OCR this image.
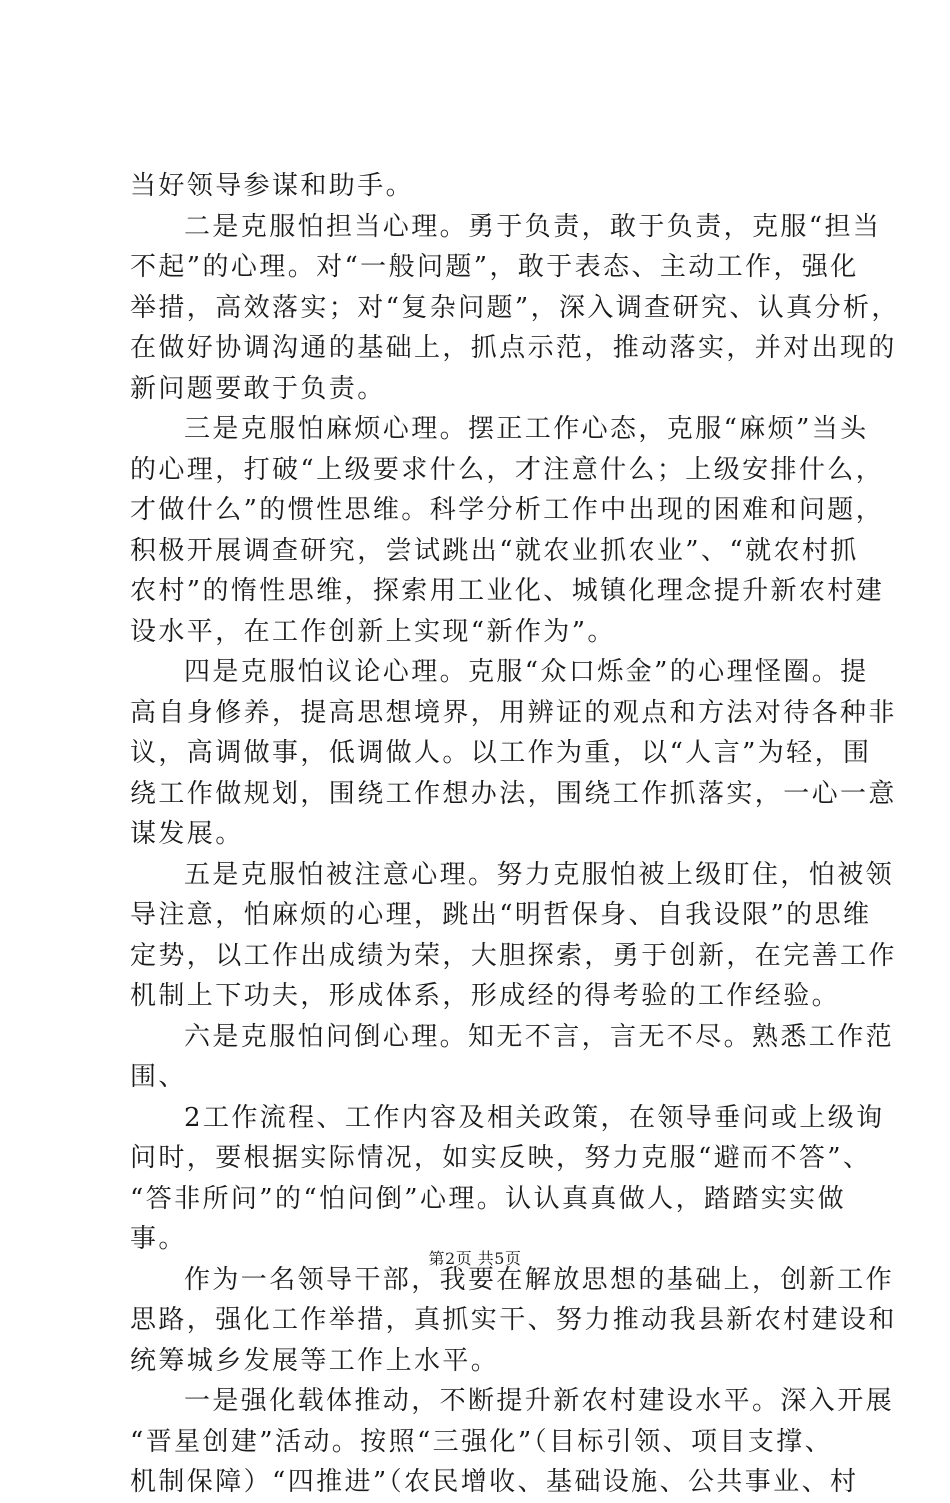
当好领导参谋和助手。
二是克服怕担当心理。勇于负责，敢于负责，克服“担当
不起”的心理。对“一般问题”，敢于表态、主动工作，强化
举措，高效落实；对“复杂问题”，深入调查研究、认真分析，
在做好协调沟通的基础上，抓点示范，推动落实，并对出现的
新问题要敢于负责。
三是克服怕麻烦心理。摆正工作心态，克服“麻烦”当头
的心理，打破“上级要求什么，才注意什么；上级安排什么，
才做什么”的惯性思维。科学分析工作中出现的困难和问题，
积极开展调查研究，尝试跳出“就农业抓农业”、“就农村抓
农村”的惰性思维，探索用工业化、城镇化理念提升新农村建
设水平，在工作创新上实现“新作为”。
四是克服怕议论心理。克服“众口烁金”的心理怪圈。提
高自身修养，提高思想境界，用辨证的观点和方法对待各种非
议，高调做事，低调做人。以工作为重，以“人言”为轻，围
绕工作做规划，围绕工作想办法，围绕工作抓落实，一心一意
谋发展。
五是克服怕被注意心理。努力克服怕被上级盯住，怕被领
导注意，怕麻烦的心理，跳出“明哲保身、自我设限”的思维
定势，以工作出成绩为荣，大胆探索，勇于创新，在完善工作
机制上下功夫，形成体系，形成经的得考验的工作经验。
六是克服怕问倒心理。知无不言，言无不尽。熟悉工作范
围、
2工作流程、工作内容及相关政策，在领导垂问或上级询
问时，要根据实际情况，如实反映，努力克服“避而不答”、
“答非所问”的“怕问倒”心理。认认真真做人，踏踏实实做
事。
作为一名领导干部，我要在解放思想的基础上，创新工作
思路，强化工作举措，真抓实干、努力推动我县新农村建设和
统筹城乡发展等工作上水平。
一是强化载体推动，不断提升新农村建设水平。深入开展
“晋星创建”活动。按照“三强化”（目标引领、项目支撑、
机制保障）“四推进”（农民增收、基础设施、公共事业、村
第2页 共5页
